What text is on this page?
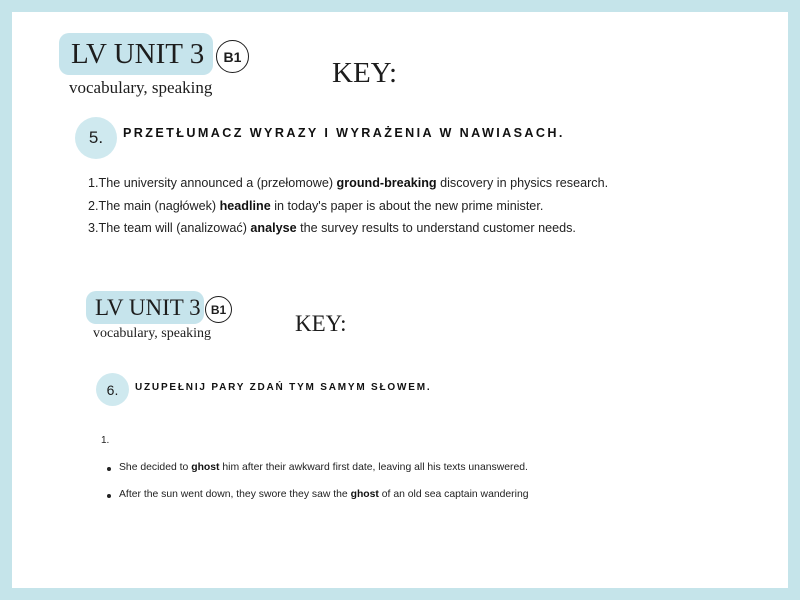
LV UNIT 3	B1
vocabulary, speaking	KEY:
5. PRZETŁUMACZ WYRAZY I WYRAŻENIA W NAWIASACH.
1.The university announced a (przełomowe) ground-breaking discovery in physics research.
2.The main (nagłówek) headline in today's paper is about the new prime minister.
3.The team will (analizować) analyse the survey results to understand customer needs.
LV UNIT 3 B1
vocabulary, speaking	KEY:
6. UZUPEŁNIJ PARY ZDAŃ TYM SAMYM SŁOWEM.
1.
She decided to ghost him after their awkward first date, leaving all his texts unanswered.
After the sun went down, they swore they saw the ghost of an old sea captain wandering
